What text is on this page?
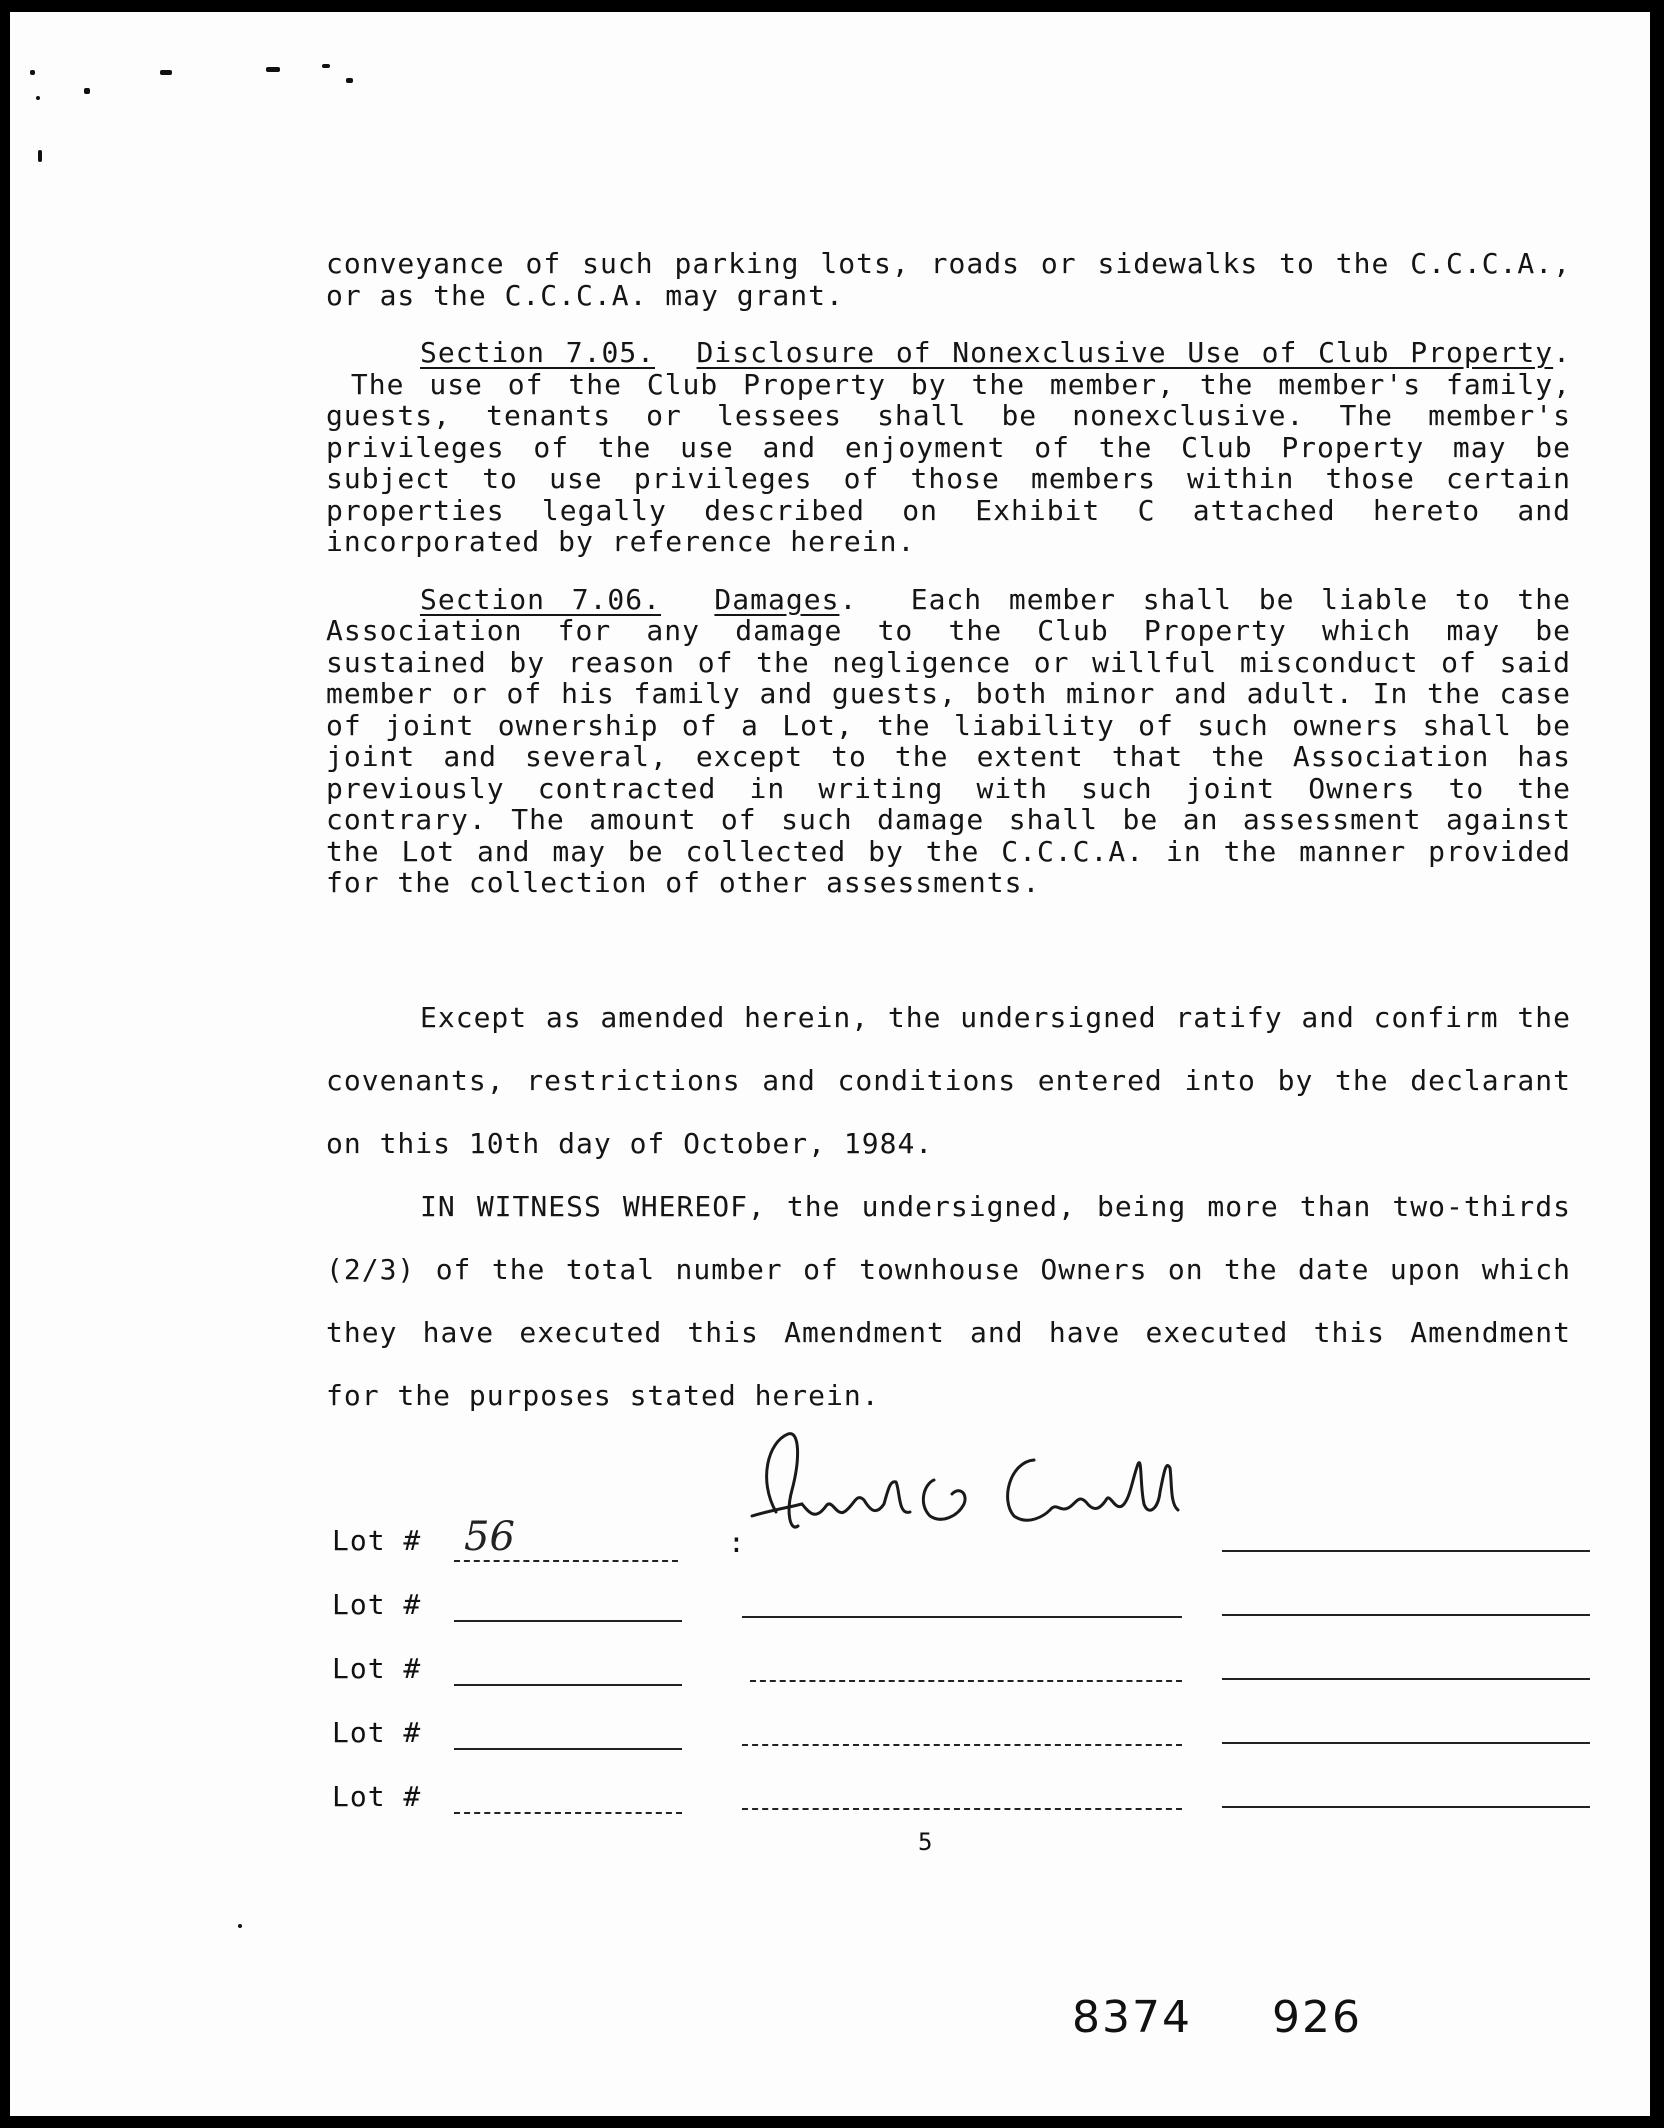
conveyance of such parking lots, roads or sidewalks to the C.C.C.A., or as the C.C.C.A. may grant.

Section 7.05. Disclosure of Nonexclusive Use of Club Property.  The use of the Club Property by the member, the member's family, guests, tenants or lessees shall be nonexclusive. The member's privileges of the use and enjoyment of the Club Property may be subject to use privileges of those members within those certain properties legally described on Exhibit C attached hereto and incorporated by reference herein.

Section 7.06. Damages.  Each member shall be liable to the Association for any damage to the Club Property which may be sustained by reason of the negligence or willful misconduct of said member or of his family and guests, both minor and adult. In the case of joint ownership of a Lot, the liability of such owners shall be joint and several, except to the extent that the Association has previously contracted in writing with such joint Owners to the contrary. The amount of such damage shall be an assessment against the Lot and may be collected by the C.C.C.A. in the manner provided for the collection of other assessments.

Except as amended herein, the undersigned ratify and confirm the covenants, restrictions and conditions entered into by the declarant on this 10th day of October, 1984.

IN WITNESS WHEREOF, the undersigned, being more than two-thirds (2/3) of the total number of townhouse Owners on the date upon which they have executed this Amendment and have executed this Amendment for the purposes stated herein.

Lot # 56	:
Lot #
Lot #
Lot #
Lot #
5
8374 926
